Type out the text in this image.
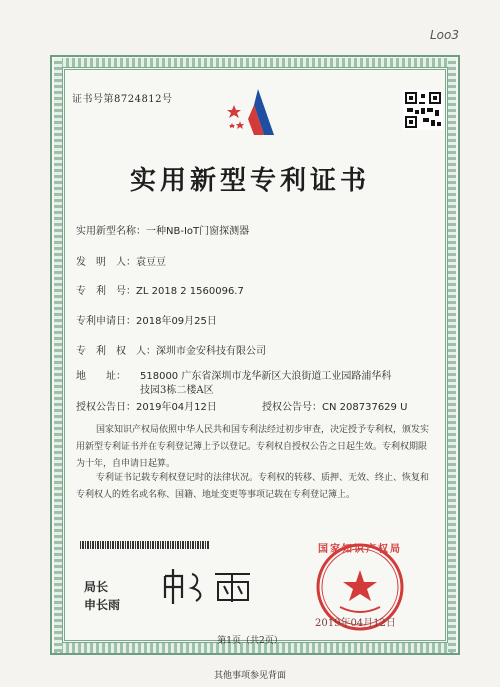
Loo3
证书号第8724812号
实用新型专利证书
实用新型名称：一种NB-IoT门窗探测器
发　明　人：袁豆豆
专　利　号：ZL 2018 2 1560096.7
专利申请日：2018年09月25日
专　利　权　人：深圳市金安科技有限公司
地　　址： 518000 广东省深圳市龙华新区大浪街道工业园路浦华科
技园3栋二楼A区
授权公告日：2019年04月12日	授权公告号：CN 208737629 U
国家知识产权局依照中华人民共和国专利法经过初步审查，决定授予专利权，颁发实用新型专利证书并在专利登记簿上予以登记。专利权自授权公告之日起生效。专利权期限为十年，自申请日起算。
专利证书记载专利权登记时的法律状况。专利权的转移、质押、无效、终止、恢复和专利权人的姓名或名称、国籍、地址变更等事项记载在专利登记簿上。
局长
申长雨
国家知识产权局
2019年04月12日
第1页（共2页）
其他事项参见背面
